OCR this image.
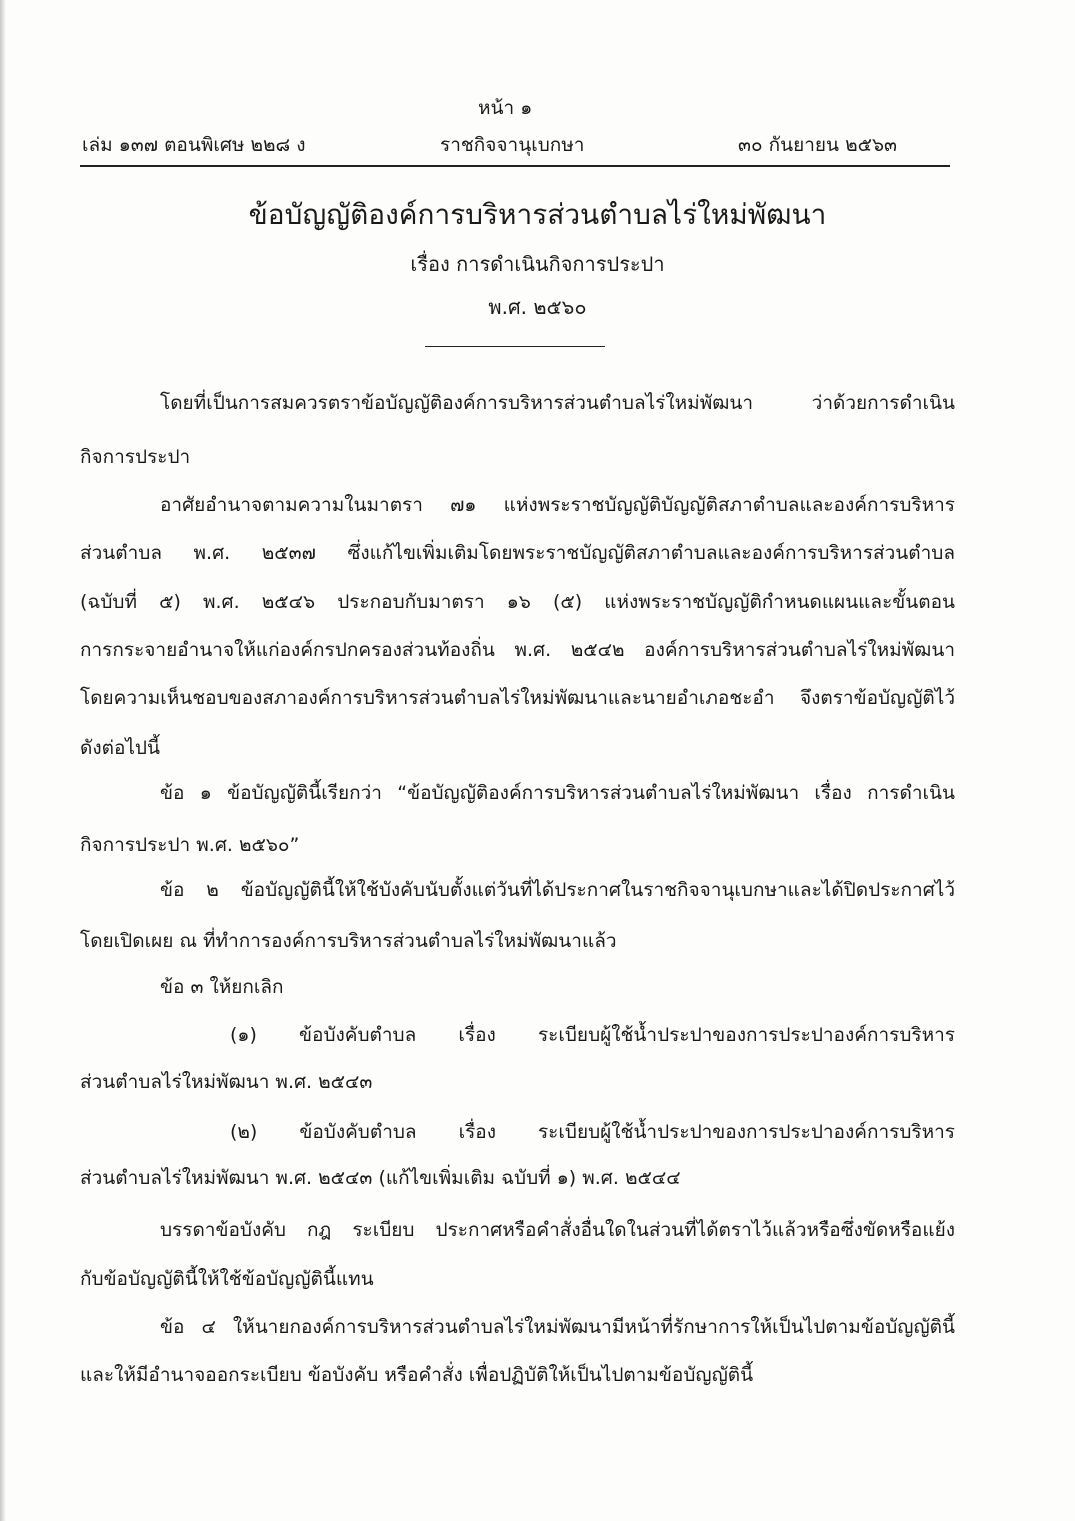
หน้า ๑
เล่ม ๑๓๗ ตอนพิเศษ ๒๒๘ ง	ราชกิจจานุเบกษา	๓๐ กันยายน ๒๕๖๓
ข้อบัญญัติองค์การบริหารส่วนตำบลไร่ใหม่พัฒนา
เรื่อง การดำเนินกิจการประปา
พ.ศ. ๒๕๖๐
โดยที่เป็นการสมควรตราข้อบัญญัติองค์การบริหารส่วนตำบลไร่ใหม่พัฒนา ว่าด้วยการดำเนิน
กิจการประปา
อาศัยอำนาจตามความในมาตรา ๗๑ แห่งพระราชบัญญัติบัญญัติสภาตำบลและองค์การบริหาร
ส่วนตำบล พ.ศ. ๒๕๓๗ ซึ่งแก้ไขเพิ่มเติมโดยพระราชบัญญัติสภาตำบลและองค์การบริหารส่วนตำบล
(ฉบับที่ ๕) พ.ศ. ๒๕๔๖ ประกอบกับมาตรา ๑๖ (๕) แห่งพระราชบัญญัติกำหนดแผนและขั้นตอน
การกระจายอำนาจให้แก่องค์กรปกครองส่วนท้องถิ่น พ.ศ. ๒๕๔๒ องค์การบริหารส่วนตำบลไร่ใหม่พัฒนา
โดยความเห็นชอบของสภาองค์การบริหารส่วนตำบลไร่ใหม่พัฒนาและนายอำเภอชะอำ จึงตราข้อบัญญัติไว้
ดังต่อไปนี้
ข้อ ๑ ข้อบัญญัตินี้เรียกว่า “ข้อบัญญัติองค์การบริหารส่วนตำบลไร่ใหม่พัฒนา เรื่อง การดำเนิน
กิจการประปา พ.ศ. ๒๕๖๐”
ข้อ ๒ ข้อบัญญัตินี้ให้ใช้บังคับนับตั้งแต่วันที่ได้ประกาศในราชกิจจานุเบกษาและได้ปิดประกาศไว้
โดยเปิดเผย ณ ที่ทำการองค์การบริหารส่วนตำบลไร่ใหม่พัฒนาแล้ว
ข้อ ๓ ให้ยกเลิก
(๑) ข้อบังคับตำบล เรื่อง ระเบียบผู้ใช้น้ำประปาของการประปาองค์การบริหาร
ส่วนตำบลไร่ใหม่พัฒนา พ.ศ. ๒๕๔๓
(๒) ข้อบังคับตำบล เรื่อง ระเบียบผู้ใช้น้ำประปาของการประปาองค์การบริหาร
ส่วนตำบลไร่ใหม่พัฒนา พ.ศ. ๒๕๔๓ (แก้ไขเพิ่มเติม ฉบับที่ ๑) พ.ศ. ๒๕๔๔
บรรดาข้อบังคับ กฎ ระเบียบ ประกาศหรือคำสั่งอื่นใดในส่วนที่ได้ตราไว้แล้วหรือซึ่งขัดหรือแย้ง
กับข้อบัญญัตินี้ให้ใช้ข้อบัญญัตินี้แทน
ข้อ ๔ ให้นายกองค์การบริหารส่วนตำบลไร่ใหม่พัฒนามีหน้าที่รักษาการให้เป็นไปตามข้อบัญญัตินี้
และให้มีอำนาจออกระเบียบ ข้อบังคับ หรือคำสั่ง เพื่อปฏิบัติให้เป็นไปตามข้อบัญญัตินี้
